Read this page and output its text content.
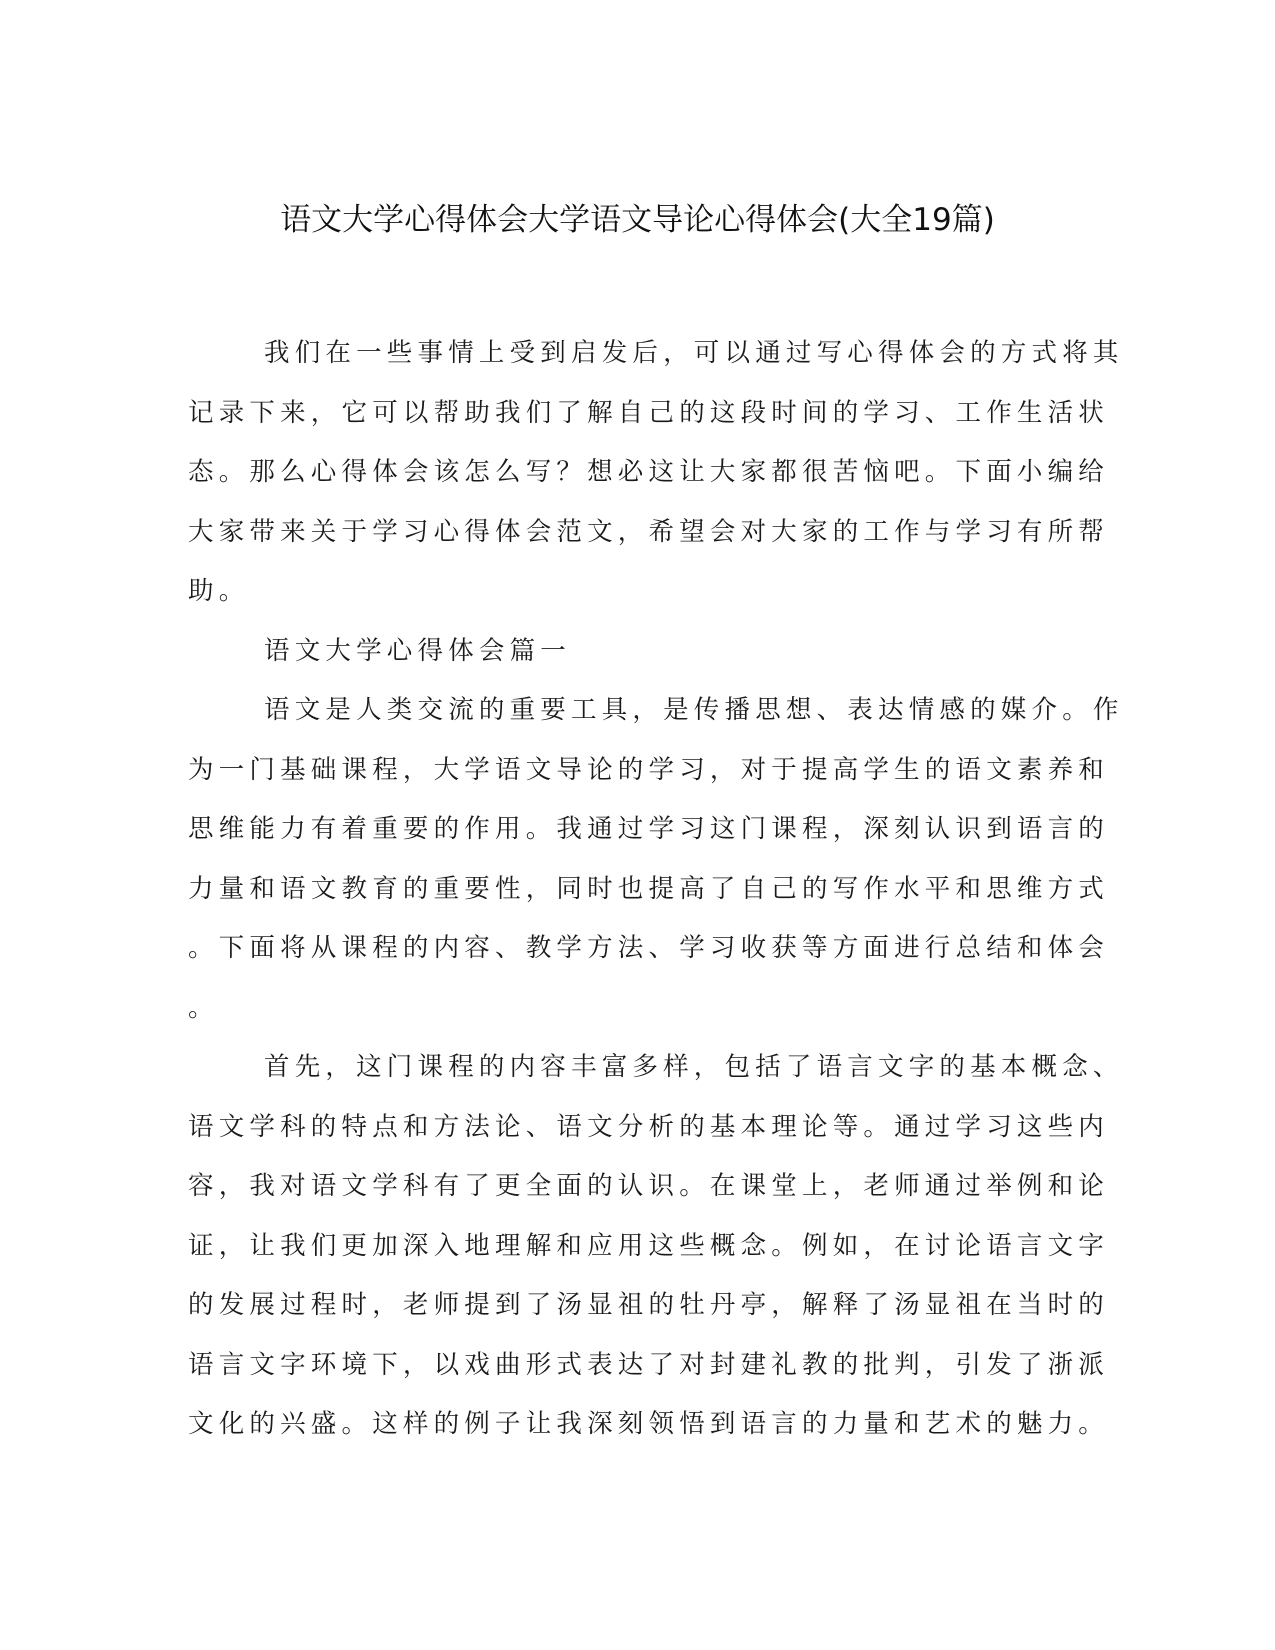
语文大学心得体会大学语文导论心得体会(大全19篇)

我们在一些事情上受到启发后，可以通过写心得体会的方式将其
记录下来，它可以帮助我们了解自己的这段时间的学习、工作生活状
态。那么心得体会该怎么写？想必这让大家都很苦恼吧。下面小编给
大家带来关于学习心得体会范文，希望会对大家的工作与学习有所帮
助。

语文大学心得体会篇一

语文是人类交流的重要工具，是传播思想、表达情感的媒介。作
为一门基础课程，大学语文导论的学习，对于提高学生的语文素养和
思维能力有着重要的作用。我通过学习这门课程，深刻认识到语言的
力量和语文教育的重要性，同时也提高了自己的写作水平和思维方式
。下面将从课程的内容、教学方法、学习收获等方面进行总结和体会
。

首先，这门课程的内容丰富多样，包括了语言文字的基本概念、
语文学科的特点和方法论、语文分析的基本理论等。通过学习这些内
容，我对语文学科有了更全面的认识。在课堂上，老师通过举例和论
证，让我们更加深入地理解和应用这些概念。例如，在讨论语言文字
的发展过程时，老师提到了汤显祖的牡丹亭，解释了汤显祖在当时的
语言文字环境下，以戏曲形式表达了对封建礼教的批判，引发了浙派
文化的兴盛。这样的例子让我深刻领悟到语言的力量和艺术的魅力。
